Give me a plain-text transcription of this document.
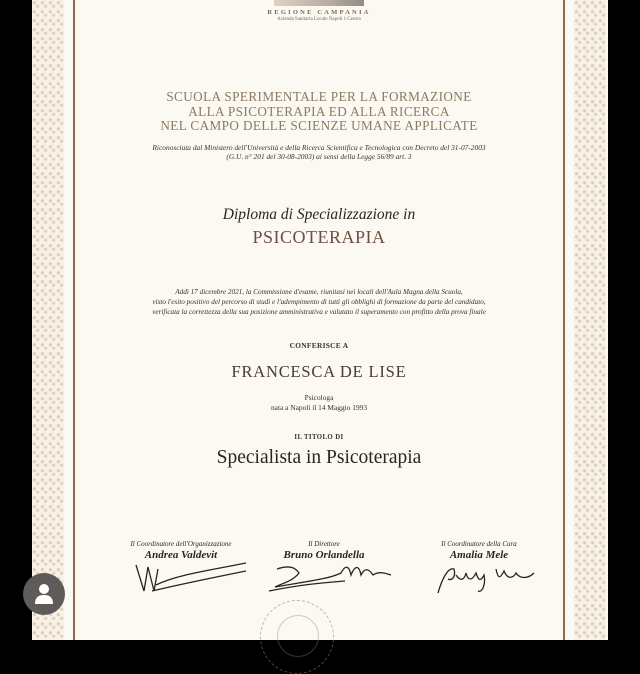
REGIONE CAMPANIA
Azienda Sanitaria Locale Napoli 1 Centro
SCUOLA SPERIMENTALE PER LA FORMAZIONE
ALLA PSICOTERAPIA ED ALLA RICERCA
NEL CAMPO DELLE SCIENZE UMANE APPLICATE
Riconosciuta dal Ministero dell'Università e della Ricerca Scientifica e Tecnologica con Decreto del 31-07-2003
(G.U. n° 201 del 30-08-2003) ai sensi della Legge 56/89 art. 3
Diploma di Specializzazione in
PSICOTERAPIA
Addì 17 dicembre 2021, la Commissione d'esame, riunitasi nei locali dell'Aula Magna della Scuola,
visto l'esito positivo del percorso di studi e l'adempimento di tutti gli obblighi di formazione da parte del candidato,
verificata la correttezza della sua posizione amministrativa e valutato il superamento con profitto della prova finale
CONFERISCE A
FRANCESCA DE LISE
Psicologa
nata a Napoli il 14 Maggio 1993
IL TITOLO DI
Specialista in Psicoterapia
Il Coordinatore dell'Organizzazione
Andrea Valdevit
Il Direttore
Bruno Orlandella
Il Coordinatore della Cura
Amalia Mele
